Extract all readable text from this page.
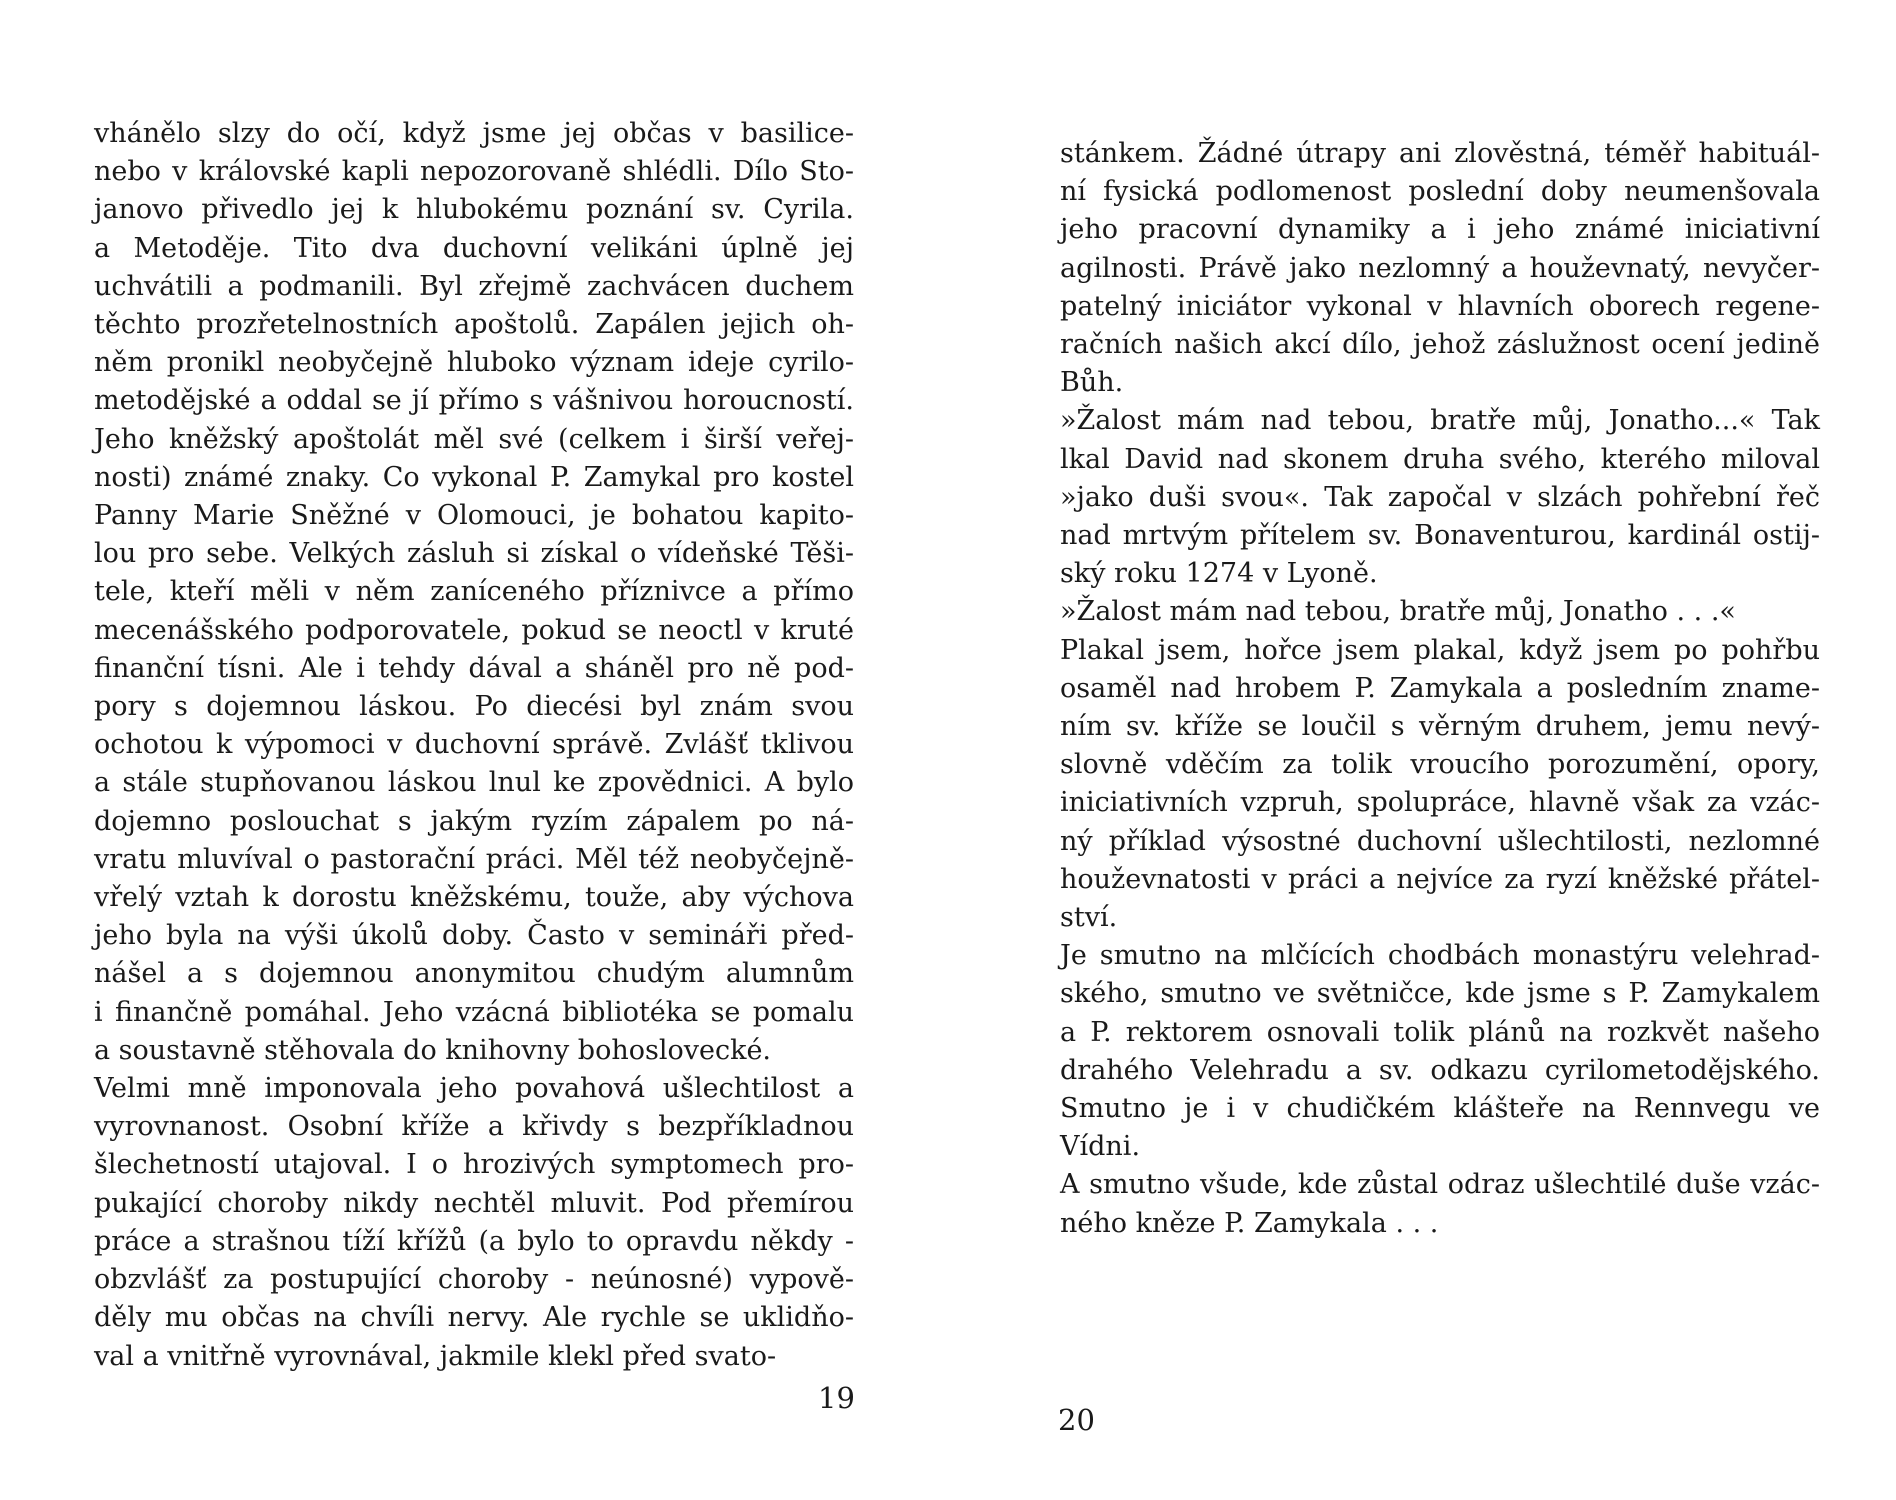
vhánělo slzy do očí, když jsme jej občas v basilice-
nebo v královské kapli nepozorovaně shlédli. Dílo Sto-
janovo přivedlo jej k hlubokému poznání sv. Cyrila.
a Metoděje. Tito dva duchovní velikáni úplně jej
uchvátili a podmanili. Byl zřejmě zachvácen duchem
těchto prozřetelnostních apoštolů. Zapálen jejich oh-
něm pronikl neobyčejně hluboko význam ideje cyrilo-
metodějské a oddal se jí přímo s vášnivou horoucností.
Jeho kněžský apoštolát měl své (celkem i širší veřej-
nosti) známé znaky. Co vykonal P. Zamykal pro kostel
Panny Marie Sněžné v Olomouci, je bohatou kapito-
lou pro sebe. Velkých zásluh si získal o vídeňské Těši-
tele, kteří měli v něm zaníceného příznivce a přímo
mecenášského podporovatele, pokud se neoctl v kruté
finanční tísni. Ale i tehdy dával a sháněl pro ně pod-
pory s dojemnou láskou. Po diecési byl znám svou
ochotou k výpomoci v duchovní správě. Zvlášť tklivou
a stále stupňovanou láskou lnul ke zpovědnici. A bylo
dojemno poslouchat s jakým ryzím zápalem po ná-
vratu mluvíval o pastorační práci. Měl též neobyčejně-
vřelý vztah k dorostu kněžskému, touže, aby výchova
jeho byla na výši úkolů doby. Často v semináři před-
nášel a s dojemnou anonymitou chudým alumnům
i finančně pomáhal. Jeho vzácná bibliotéka se pomalu
a soustavně stěhovala do knihovny bohoslovecké.
Velmi mně imponovala jeho povahová ušlechtilost a
vyrovnanost. Osobní kříže a křivdy s bezpříkladnou
šlechetností utajoval. I o hrozivých symptomech pro-
pukající choroby nikdy nechtěl mluvit. Pod přemírou
práce a strašnou tíží křížů (a bylo to opravdu někdy -
obzvlášť za postupující choroby - neúnosné) vypově-
děly mu občas na chvíli nervy. Ale rychle se uklidňo-
val a vnitřně vyrovnával, jakmile klekl před svato-
19
stánkem. Žádné útrapy ani zlověstná, téměř habituál-
ní fysická podlomenost poslední doby neumenšovala
jeho pracovní dynamiky a i jeho známé iniciativní
agilnosti. Právě jako nezlomný a houževnatý, nevyčer-
patelný iniciátor vykonal v hlavních oborech regene-
račních našich akcí dílo, jehož záslužnost ocení jedině
Bůh.
»Žalost mám nad tebou, bratře můj, Jonatho...« Tak
lkal David nad skonem druha svého, kterého miloval
»jako duši svou«. Tak započal v slzách pohřební řeč
nad mrtvým přítelem sv. Bonaventurou, kardinál ostij-
ský roku 1274 v Lyoně.
»Žalost mám nad tebou, bratře můj, Jonatho . . .«
Plakal jsem, hořce jsem plakal, když jsem po pohřbu
osaměl nad hrobem P. Zamykala a posledním zname-
ním sv. kříže se loučil s věrným druhem, jemu nevý-
slovně vděčím za tolik vroucího porozumění, opory,
iniciativních vzpruh, spolupráce, hlavně však za vzác-
ný příklad výsostné duchovní ušlechtilosti, nezlomné
houževnatosti v práci a nejvíce za ryzí kněžské přátel-
ství.
Je smutno na mlčících chodbách monastýru velehrad-
ského, smutno ve světničce, kde jsme s P. Zamykalem
a P. rektorem osnovali tolik plánů na rozkvět našeho
drahého Velehradu a sv. odkazu cyrilometodějského.
Smutno je i v chudičkém klášteře na Rennvegu ve
Vídni.
A smutno všude, kde zůstal odraz ušlechtilé duše vzác-
ného kněze P. Zamykala . . .
20
